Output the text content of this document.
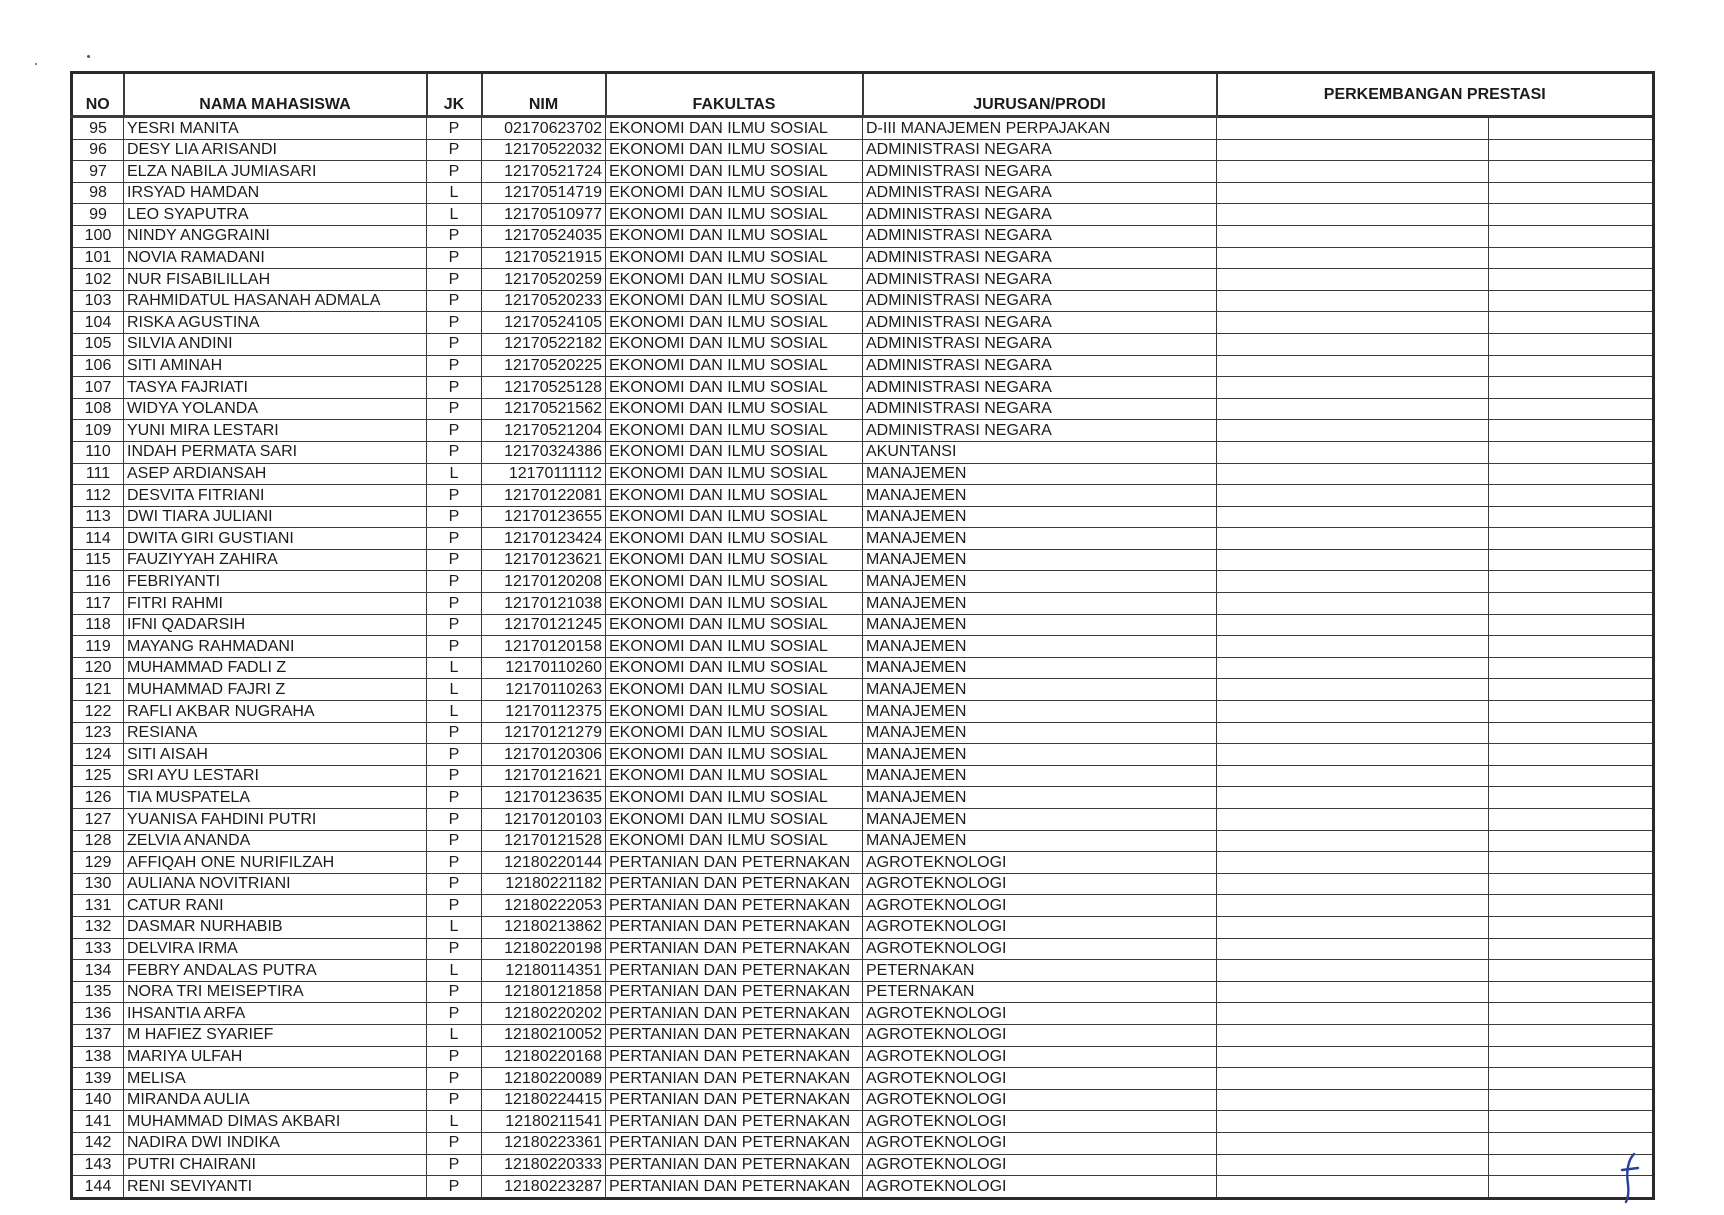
NO	NAMA MAHASISWA	JK	NIM	FAKULTAS	JURUSAN/PRODI	PERKEMBANGAN PRESTASI	

95	YESRI MANITA	P	02170623702	EKONOMI DAN ILMU SOSIAL	D-III MANAJEMEN PERPAJAKAN		
96	DESY LIA ARISANDI	P	12170522032	EKONOMI DAN ILMU SOSIAL	ADMINISTRASI NEGARA		
97	ELZA NABILA JUMIASARI	P	12170521724	EKONOMI DAN ILMU SOSIAL	ADMINISTRASI NEGARA		
98	IRSYAD HAMDAN	L	12170514719	EKONOMI DAN ILMU SOSIAL	ADMINISTRASI NEGARA		
99	LEO SYAPUTRA	L	12170510977	EKONOMI DAN ILMU SOSIAL	ADMINISTRASI NEGARA		
100	NINDY ANGGRAINI	P	12170524035	EKONOMI DAN ILMU SOSIAL	ADMINISTRASI NEGARA		
101	NOVIA RAMADANI	P	12170521915	EKONOMI DAN ILMU SOSIAL	ADMINISTRASI NEGARA		
102	NUR FISABILILLAH	P	12170520259	EKONOMI DAN ILMU SOSIAL	ADMINISTRASI NEGARA		
103	RAHMIDATUL HASANAH ADMALA	P	12170520233	EKONOMI DAN ILMU SOSIAL	ADMINISTRASI NEGARA		
104	RISKA AGUSTINA	P	12170524105	EKONOMI DAN ILMU SOSIAL	ADMINISTRASI NEGARA		
105	SILVIA ANDINI	P	12170522182	EKONOMI DAN ILMU SOSIAL	ADMINISTRASI NEGARA		
106	SITI AMINAH	P	12170520225	EKONOMI DAN ILMU SOSIAL	ADMINISTRASI NEGARA		
107	TASYA FAJRIATI	P	12170525128	EKONOMI DAN ILMU SOSIAL	ADMINISTRASI NEGARA		
108	WIDYA YOLANDA	P	12170521562	EKONOMI DAN ILMU SOSIAL	ADMINISTRASI NEGARA		
109	YUNI MIRA LESTARI	P	12170521204	EKONOMI DAN ILMU SOSIAL	ADMINISTRASI NEGARA		
110	INDAH PERMATA SARI	P	12170324386	EKONOMI DAN ILMU SOSIAL	AKUNTANSI		
111	ASEP ARDIANSAH	L	12170111112	EKONOMI DAN ILMU SOSIAL	MANAJEMEN		
112	DESVITA FITRIANI	P	12170122081	EKONOMI DAN ILMU SOSIAL	MANAJEMEN		
113	DWI TIARA JULIANI	P	12170123655	EKONOMI DAN ILMU SOSIAL	MANAJEMEN		
114	DWITA GIRI GUSTIANI	P	12170123424	EKONOMI DAN ILMU SOSIAL	MANAJEMEN		
115	FAUZIYYAH ZAHIRA	P	12170123621	EKONOMI DAN ILMU SOSIAL	MANAJEMEN		
116	FEBRIYANTI	P	12170120208	EKONOMI DAN ILMU SOSIAL	MANAJEMEN		
117	FITRI RAHMI	P	12170121038	EKONOMI DAN ILMU SOSIAL	MANAJEMEN		
118	IFNI QADARSIH	P	12170121245	EKONOMI DAN ILMU SOSIAL	MANAJEMEN		
119	MAYANG RAHMADANI	P	12170120158	EKONOMI DAN ILMU SOSIAL	MANAJEMEN		
120	MUHAMMAD FADLI Z	L	12170110260	EKONOMI DAN ILMU SOSIAL	MANAJEMEN		
121	MUHAMMAD FAJRI Z	L	12170110263	EKONOMI DAN ILMU SOSIAL	MANAJEMEN		
122	RAFLI AKBAR NUGRAHA	L	12170112375	EKONOMI DAN ILMU SOSIAL	MANAJEMEN		
123	RESIANA	P	12170121279	EKONOMI DAN ILMU SOSIAL	MANAJEMEN		
124	SITI AISAH	P	12170120306	EKONOMI DAN ILMU SOSIAL	MANAJEMEN		
125	SRI AYU LESTARI	P	12170121621	EKONOMI DAN ILMU SOSIAL	MANAJEMEN		
126	TIA MUSPATELA	P	12170123635	EKONOMI DAN ILMU SOSIAL	MANAJEMEN		
127	YUANISA FAHDINI PUTRI	P	12170120103	EKONOMI DAN ILMU SOSIAL	MANAJEMEN		
128	ZELVIA ANANDA	P	12170121528	EKONOMI DAN ILMU SOSIAL	MANAJEMEN		
129	AFFIQAH ONE NURIFILZAH	P	12180220144	PERTANIAN DAN PETERNAKAN	AGROTEKNOLOGI		
130	AULIANA NOVITRIANI	P	12180221182	PERTANIAN DAN PETERNAKAN	AGROTEKNOLOGI		
131	CATUR RANI	P	12180222053	PERTANIAN DAN PETERNAKAN	AGROTEKNOLOGI		
132	DASMAR NURHABIB	L	12180213862	PERTANIAN DAN PETERNAKAN	AGROTEKNOLOGI		
133	DELVIRA IRMA	P	12180220198	PERTANIAN DAN PETERNAKAN	AGROTEKNOLOGI		
134	FEBRY ANDALAS PUTRA	L	12180114351	PERTANIAN DAN PETERNAKAN	PETERNAKAN		
135	NORA TRI MEISEPTIRA	P	12180121858	PERTANIAN DAN PETERNAKAN	PETERNAKAN		
136	IHSANTIA ARFA	P	12180220202	PERTANIAN DAN PETERNAKAN	AGROTEKNOLOGI		
137	M HAFIEZ SYARIEF	L	12180210052	PERTANIAN DAN PETERNAKAN	AGROTEKNOLOGI		
138	MARIYA ULFAH	P	12180220168	PERTANIAN DAN PETERNAKAN	AGROTEKNOLOGI		
139	MELISA	P	12180220089	PERTANIAN DAN PETERNAKAN	AGROTEKNOLOGI		
140	MIRANDA AULIA	P	12180224415	PERTANIAN DAN PETERNAKAN	AGROTEKNOLOGI		
141	MUHAMMAD DIMAS AKBARI	L	12180211541	PERTANIAN DAN PETERNAKAN	AGROTEKNOLOGI		
142	NADIRA DWI INDIKA	P	12180223361	PERTANIAN DAN PETERNAKAN	AGROTEKNOLOGI		
143	PUTRI CHAIRANI	P	12180220333	PERTANIAN DAN PETERNAKAN	AGROTEKNOLOGI		
144	RENI SEVIYANTI	P	12180223287	PERTANIAN DAN PETERNAKAN	AGROTEKNOLOGI		
